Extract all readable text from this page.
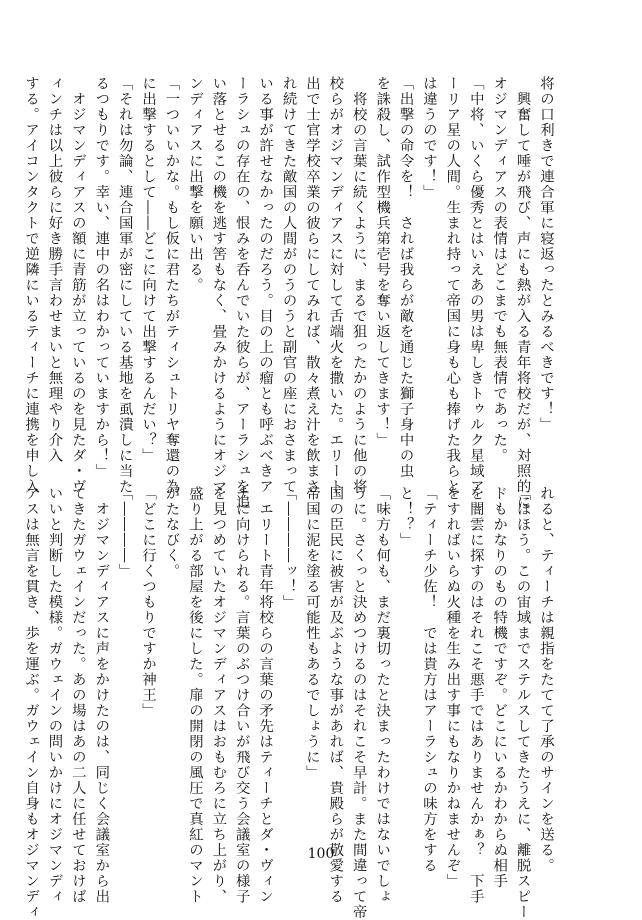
将の口利きで連合軍に寝返ったとみるべきです！」
　興奮して唾が飛び、声にも熱が入る青年将校だが、対照的に
オジマンディアスの表情はどこまでも無表情であった。
「中将、いくら優秀とはいえあの男は卑しきトゥルク星域ア
ーリア星の人間。生まれ持って帝国に身も心も捧げた我らと
は違うのです！」
「出撃の命令を！　されば我らが敵を通じた獅子身中の虫
を誅殺し、試作型機兵第壱号を奪い返してきます！」
　将校の言葉に続くように、まるで狙ったかのように他の将
校らがオジマンディアスに対して舌端火を撒いた。エリート
出で士官学校卒業の彼らにしてみれば、散々煮え汁を飲まさ
れ続けてきた敵国の人間がのうのうと副官の座におさまって
いる事が許せなかったのだろう。目の上の瘤とも呼ぶべきア
ーラシュの存在の、恨みを呑んでいた彼らが、アーラシュを追
い落とせるこの機を逃す筈もなく、畳みかけるようにオジマ
ンディアスに出撃を願い出る。
「一ついいかな。もし仮に君たちがティシュトリヤ奪還の為
に出撃するとして――どこに向けて出撃するんだい？」
「それは勿論、連合国軍が密にしている基地を虱潰しに当た
るつもりです。幸い、連中の名はわかっていますから！」
　オジマンディアスの額に青筋が立っているのを見たダ・ヴ
ィンチは以上彼らに好き勝手言わせまいと無理やり介入
する。アイコンタクトで逆隣にいるティーチに連携を申し入
れると、ティーチは親指をたてて了承のサインを送る。
「ほほう。この宙域までステルスしてきたうえに、離脱スピー
ドもかなりのもの特機ですぞ。どこにいるかわからぬ相手
を闇雲に探すのはそれこそ悪手ではありませんかぁ？　下手
をすればいらぬ火種を生み出す事にもなりかねませんぞ」
「ティーチ少佐！　では貴方はアーラシュの味方をする
と！？」
「味方も何も、まだ裏切ったと決まったわけではないでしょ
うに。さくっと決めつけるのはそれこそ早計。また間違って帝
国の臣民に被害が及ぶような事があれば、貴殿らが敬愛する
帝国に泥を塗る可能性もあるでしょうに」
「――――ッ！」
　エリート青年将校らの言葉の矛先はティーチとダ・ヴィン
チに向けられる。言葉のぶつけ合いが飛び交う会議室の様子
を見つめていたオジマンディアスはおもむろに立ち上がり、
盛り上がる部屋を後にした。扉の開閉の風圧で真紅のマント
がたなびく。
「どこに行くつもりですか神王」
「――――」
　オジマンディアスに声をかけたのは、同じく会議室から出
てきたガウェインだった。あの場はあの二人に任せておけば
いいと判断した模様。ガウェインの問いかけにオジマンディ
アスは無言を貫き、歩を運ぶ。ガウェイン自身もオジマンディ	100
